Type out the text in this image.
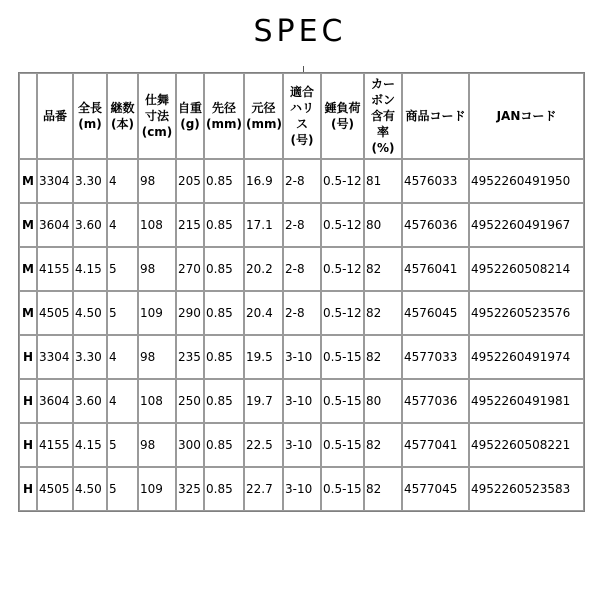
SPEC
	品番	全長(m)	継数(本)	仕舞寸法(cm)	自重(g)	先径(mm)	元径(mm)	適合ハリス(号)	錘負荷(号)	カーボン含有率(%)	商品コード	JANコード
M	3304	3.30	4	98	205	0.85	16.9	2-8	0.5-12	81	4576033	4952260491950
M	3604	3.60	4	108	215	0.85	17.1	2-8	0.5-12	80	4576036	4952260491967
M	4155	4.15	5	98	270	0.85	20.2	2-8	0.5-12	82	4576041	4952260508214
M	4505	4.50	5	109	290	0.85	20.4	2-8	0.5-12	82	4576045	4952260523576
H	3304	3.30	4	98	235	0.85	19.5	3-10	0.5-15	82	4577033	4952260491974
H	3604	3.60	4	108	250	0.85	19.7	3-10	0.5-15	80	4577036	4952260491981
H	4155	4.15	5	98	300	0.85	22.5	3-10	0.5-15	82	4577041	4952260508221
H	4505	4.50	5	109	325	0.85	22.7	3-10	0.5-15	82	4577045	4952260523583
